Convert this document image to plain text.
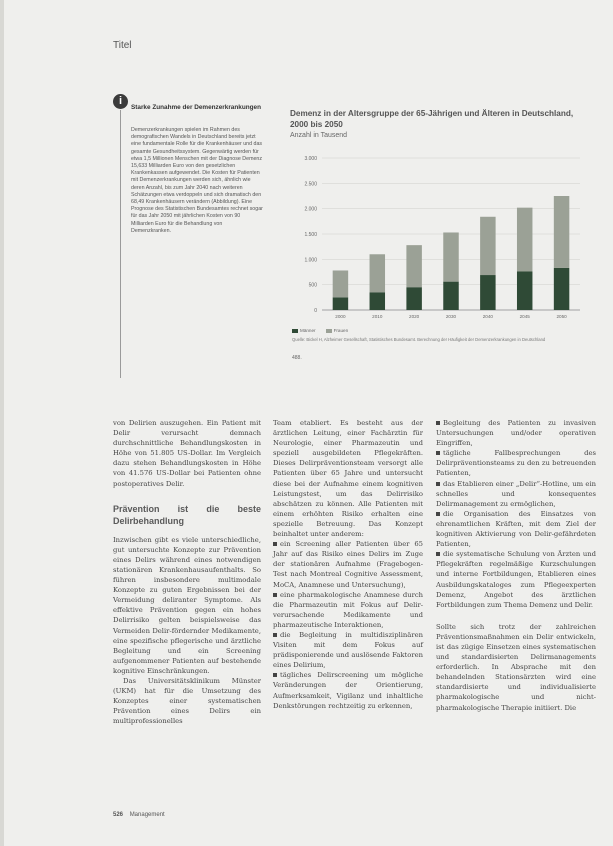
Titel
i
Starke Zunahme der Demenzerkrankungen
Demenzerkrankungen spielen im Rahmen des demografischen Wandels in Deutschland bereits jetzt eine fundamentale Rolle für die Krankenhäuser und das gesamte Gesundheitssystem. Gegenwärtig werden für etwa 1,5 Millionen Menschen mit der Diagnose Demenz 15,633 Milliarden Euro von den gesetzlichen Krankenkassen aufgewendet. Die Kosten für Patienten mit Demenzerkrankungen werden sich, ähnlich wie deren Anzahl, bis zum Jahr 2040 nach weiteren Schätzungen etwa verdoppeln und sich dramatisch den 68,49 Krankenhäusern verändern (Abbildung). Eine Prognose des Statistischen Bundesamtes rechnet sogar für das Jahr 2050 mit jährlichen Kosten von 90 Milliarden Euro für die Behandlung von Demenzkranken.
Demenz in der Altersgruppe der 65-Jährigen und Älteren in Deutschland, 2000 bis 2050
Anzahl in Tausend
0
500
1.000
1.500
2.000
2.500
3.000
2000	2010	2020	2030	2040	2045	2050
Männer	Frauen
Quelle: Bickel H, Alzheimer Gesellschaft, Statistisches Bundesamt. Berechnung der Häufigkeit der Demenzerkrankungen in Deutschland
488.

von Delirien auszugehen. Ein Patient mit Delir verursacht demnach durchschnittliche Behandlungskosten in Höhe von 51.805 US-Dollar. Im Vergleich dazu stehen Behandlungskosten in Höhe von 41.576 US-Dollar bei Patienten ohne postoperatives Delir.

Prävention ist die beste Delirbehandlung

Inzwischen gibt es viele unterschiedliche, gut untersuchte Konzepte zur Prävention eines Delirs während eines notwendigen stationären Krankenhausaufenthalts. So führen insbesondere multimodale Konzepte zu guten Ergebnissen bei der Vermeidung deliranter Symptome. Als effektive Prävention gegen ein hohes Delirrisiko gelten beispielsweise das Vermeiden Delir-fördernder Medikamente, eine spezifische pflegerische und ärztliche Begleitung und ein Screening aufgenommener Patienten auf bestehende kognitive Einschränkungen.

Das Universitätsklinikum Münster (UKM) hat für die Umsetzung des Konzeptes einer systematischen Prävention eines Delirs ein multiprofessionelles

Team etabliert. Es besteht aus der ärztlichen Leitung, einer Fachärztin für Neurologie, einer Pharmazeutin und speziell ausgebildeten Pflegekräften. Dieses Delirpräventionsteam versorgt alle Patienten über 65 Jahre und untersucht diese bei der Aufnahme einem kognitiven Leistungstest, um das Delirrisiko abschätzen zu können. Alle Patienten mit einem erhöhten Risiko erhalten eine spezielle Betreuung. Das Konzept beinhaltet unter anderem:

ein Screening aller Patienten über 65 Jahr auf das Risiko eines Delirs im Zuge der stationären Aufnahme (Fragebogen-Test nach Montreal Cognitive Assessment, MoCA, Anamnese und Untersuchung),

eine pharmakologische Anamnese durch die Pharmazeutin mit Fokus auf Delir-verursachende Medikamente und pharmazeutische Interaktionen,

die Begleitung in multidisziplinären Visiten mit dem Fokus auf prädisponierende und auslösende Faktoren eines Delirium,

tägliches Delirscreening um mögliche Veränderungen der Orientierung, Aufmerksamkeit, Vigilanz und inhaltliche Denkstörungen rechtzeitig zu erkennen,

Begleitung des Patienten zu invasiven Untersuchungen und/oder operativen Eingriffen,

tägliche Fallbesprechungen des Delirpräventionsteams zu den zu betreuenden Patienten,

das Etablieren einer „Delir“-Hotline, um ein schnelles und konsequentes Delirmanagement zu ermöglichen,

die Organisation des Einsatzes von ehrenamtlichen Kräften, mit dem Ziel der kognitiven Aktivierung von Delir-gefährdeten Patienten,

die systematische Schulung von Ärzten und Pflegekräften regelmäßige Kurzschulungen und interne Fortbildungen, Etablieren eines Ausbildungskataloges zum Pflegeexperten Demenz, Angebot des ärztlichen Fortbildungen zum Thema Demenz und Delir.

Sollte sich trotz der zahlreichen Präventionsmaßnahmen ein Delir entwickeln, ist das zügige Einsetzen eines systematischen und standardisierten Delirmanagements erforderlich. In Absprache mit den behandelnden Stationsärzten wird eine standardisierte und individualisierte pharmakologische und nicht-pharmakologische Therapie initiiert. Die

526 Management
